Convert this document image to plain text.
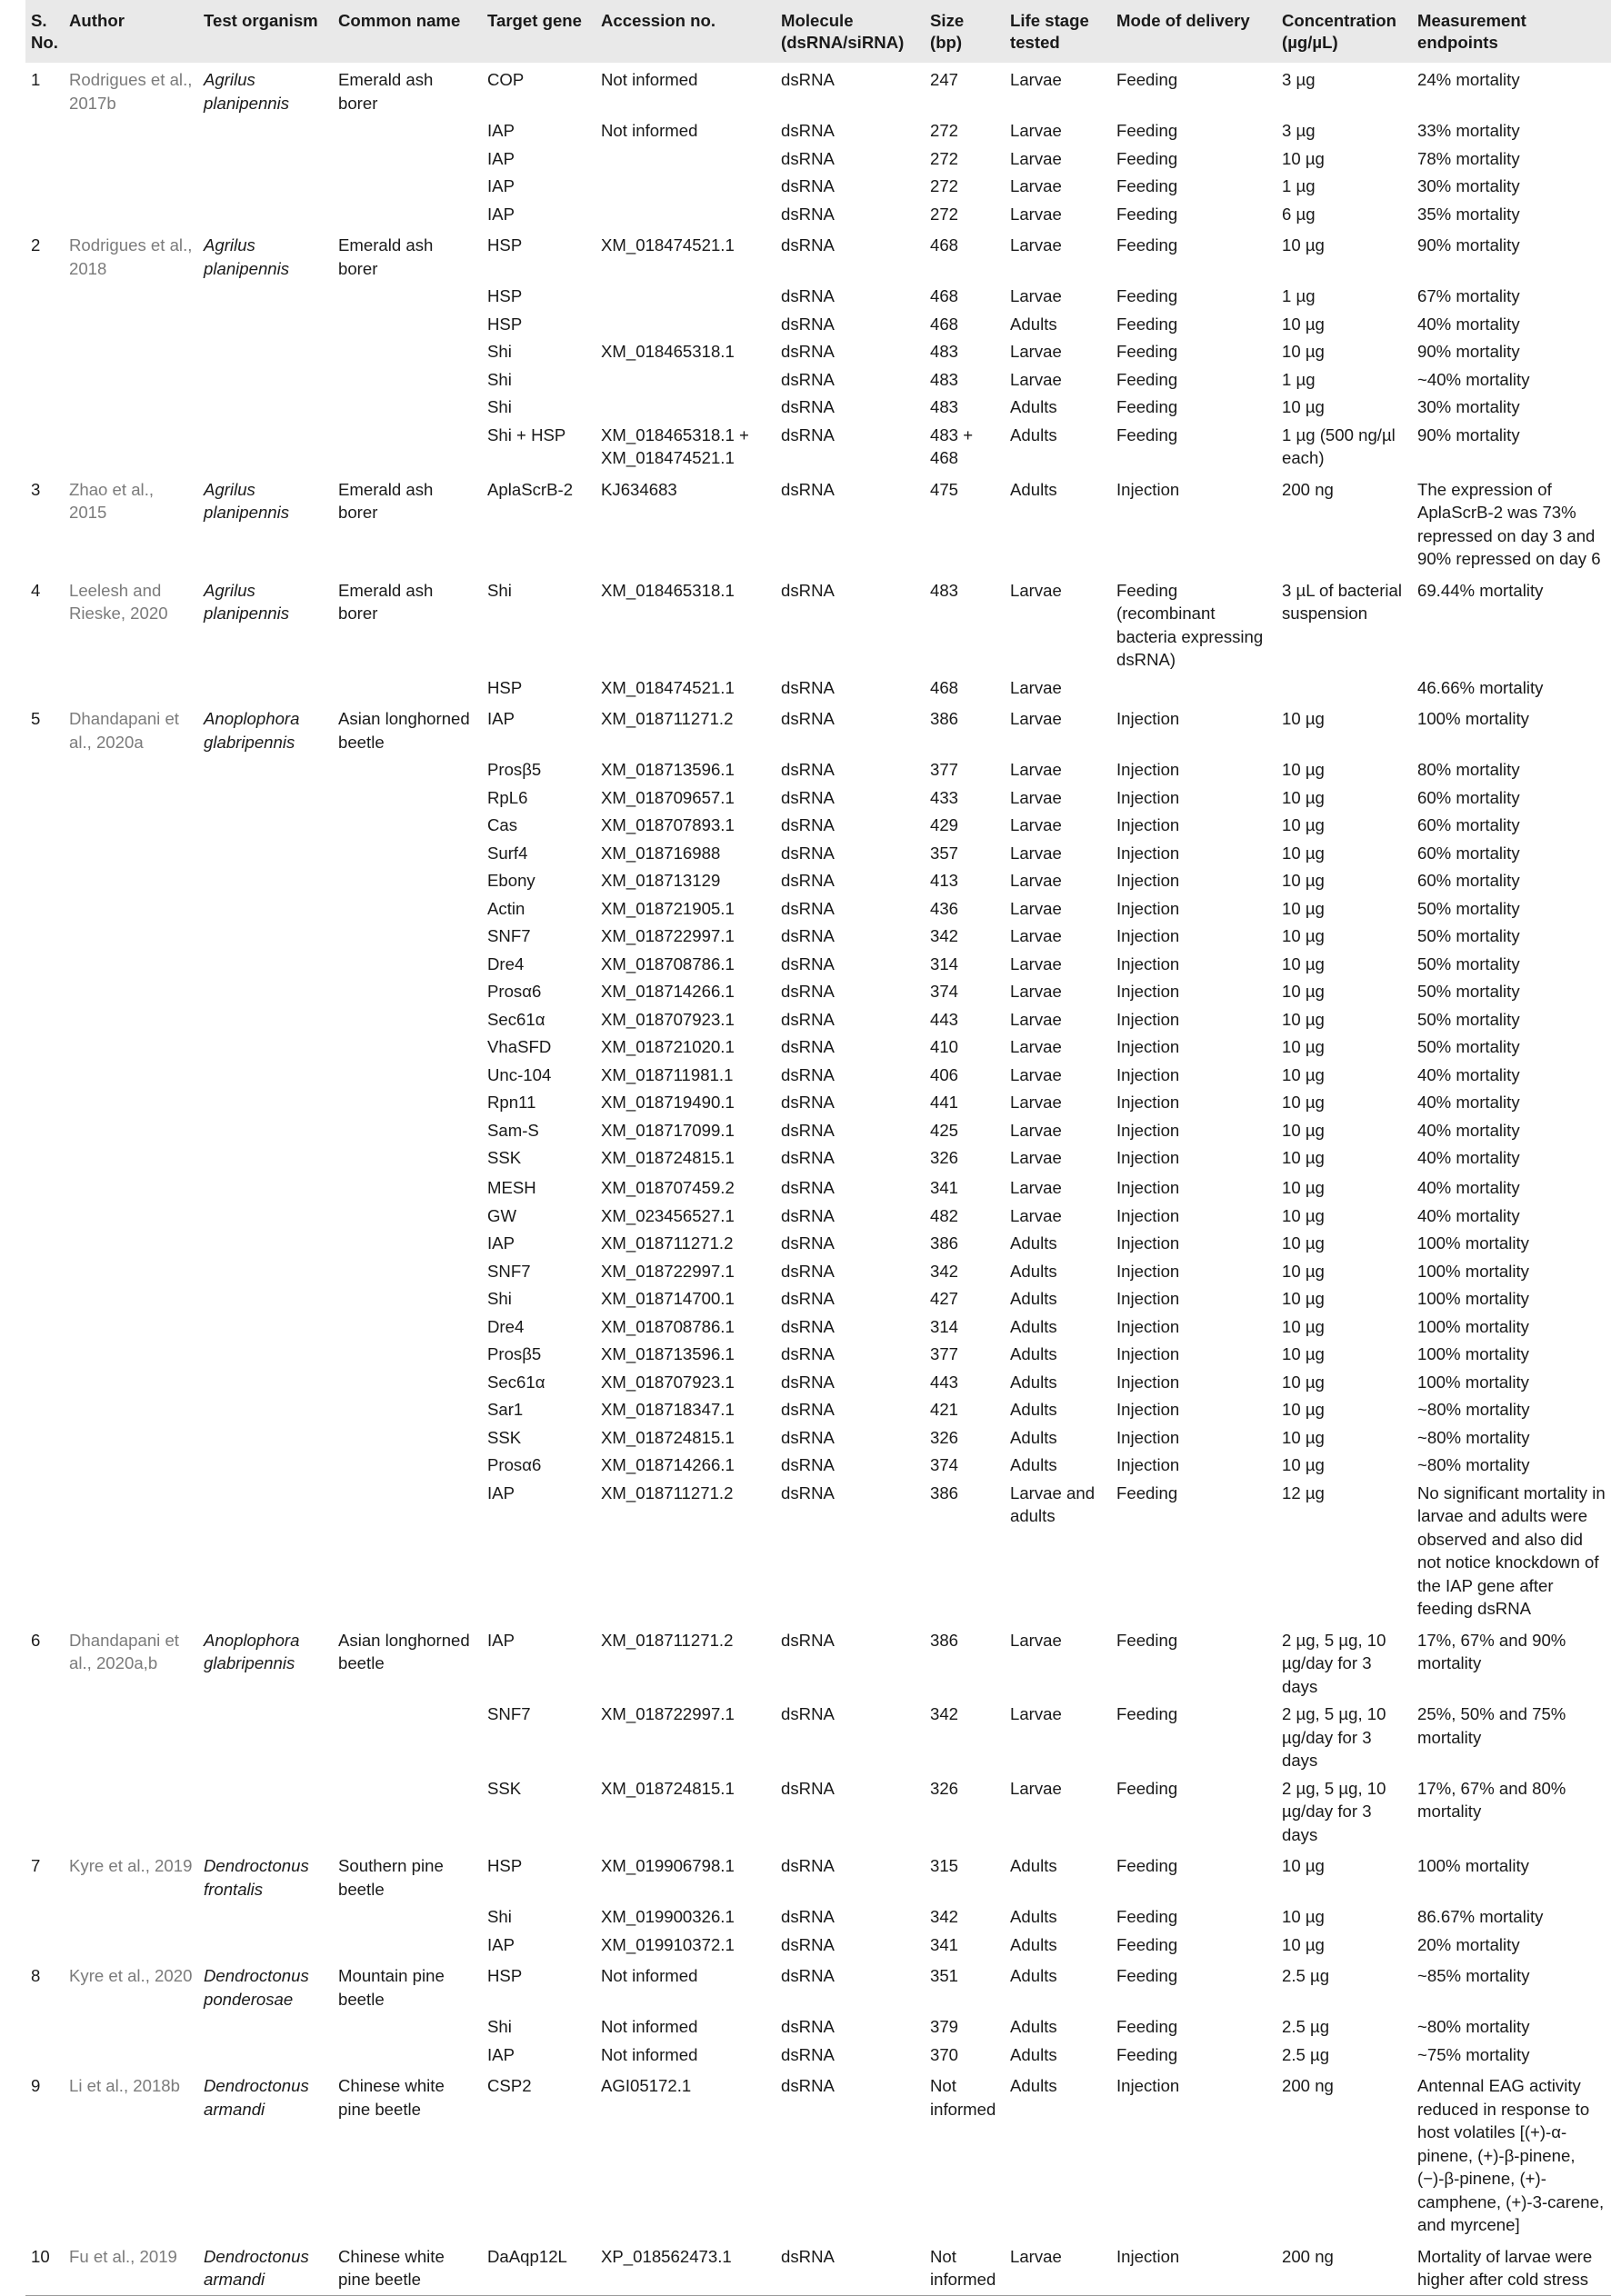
S. No.	Author	Test organism	Common name	Target gene	Accession no.	Molecule (dsRNA/siRNA)	Size (bp)	Life stage tested	Mode of delivery	Concentration (µg/µL)	Measurement endpoints
1	Rodrigues et al., 2017b	Agrilus planipennis	Emerald ash borer	COP	Not informed	dsRNA	247	Larvae	Feeding	3 µg	24% mortality
				IAP	Not informed	dsRNA	272	Larvae	Feeding	3 µg	33% mortality
				IAP		dsRNA	272	Larvae	Feeding	10 µg	78% mortality
				IAP		dsRNA	272	Larvae	Feeding	1 µg	30% mortality
				IAP		dsRNA	272	Larvae	Feeding	6 µg	35% mortality
2	Rodrigues et al., 2018	Agrilus planipennis	Emerald ash borer	HSP	XM_018474521.1	dsRNA	468	Larvae	Feeding	10 µg	90% mortality
				HSP		dsRNA	468	Larvae	Feeding	1 µg	67% mortality
				HSP		dsRNA	468	Adults	Feeding	10 µg	40% mortality
				Shi	XM_018465318.1	dsRNA	483	Larvae	Feeding	10 µg	90% mortality
				Shi		dsRNA	483	Larvae	Feeding	1 µg	~40% mortality
				Shi		dsRNA	483	Adults	Feeding	10 µg	30% mortality
				Shi + HSP	XM_018465318.1 + XM_018474521.1	dsRNA	483 + 468	Adults	Feeding	1 µg (500 ng/µl each)	90% mortality
3	Zhao et al., 2015	Agrilus planipennis	Emerald ash borer	AplaScrB-2	KJ634683	dsRNA	475	Adults	Injection	200 ng	The expression of AplaScrB-2 was 73% repressed on day 3 and 90% repressed on day 6
4	Leelesh and Rieske, 2020	Agrilus planipennis	Emerald ash borer	Shi	XM_018465318.1	dsRNA	483	Larvae	Feeding (recombinant bacteria expressing dsRNA)	3 µL of bacterial suspension	69.44% mortality
				HSP	XM_018474521.1	dsRNA	468	Larvae			46.66% mortality
5	Dhandapani et al., 2020a	Anoplophora glabripennis	Asian longhorned beetle	IAP	XM_018711271.2	dsRNA	386	Larvae	Injection	10 µg	100% mortality
				Prosβ5	XM_018713596.1	dsRNA	377	Larvae	Injection	10 µg	80% mortality
				RpL6	XM_018709657.1	dsRNA	433	Larvae	Injection	10 µg	60% mortality
				Cas	XM_018707893.1	dsRNA	429	Larvae	Injection	10 µg	60% mortality
				Surf4	XM_018716988	dsRNA	357	Larvae	Injection	10 µg	60% mortality
				Ebony	XM_018713129	dsRNA	413	Larvae	Injection	10 µg	60% mortality
				Actin	XM_018721905.1	dsRNA	436	Larvae	Injection	10 µg	50% mortality
				SNF7	XM_018722997.1	dsRNA	342	Larvae	Injection	10 µg	50% mortality
				Dre4	XM_018708786.1	dsRNA	314	Larvae	Injection	10 µg	50% mortality
				Prosα6	XM_018714266.1	dsRNA	374	Larvae	Injection	10 µg	50% mortality
				Sec61α	XM_018707923.1	dsRNA	443	Larvae	Injection	10 µg	50% mortality
				VhaSFD	XM_018721020.1	dsRNA	410	Larvae	Injection	10 µg	50% mortality
				Unc-104	XM_018711981.1	dsRNA	406	Larvae	Injection	10 µg	40% mortality
				Rpn11	XM_018719490.1	dsRNA	441	Larvae	Injection	10 µg	40% mortality
				Sam-S	XM_018717099.1	dsRNA	425	Larvae	Injection	10 µg	40% mortality
				SSK	XM_018724815.1	dsRNA	326	Larvae	Injection	10 µg	40% mortality
				MESH	XM_018707459.2	dsRNA	341	Larvae	Injection	10 µg	40% mortality
				GW	XM_023456527.1	dsRNA	482	Larvae	Injection	10 µg	40% mortality
				IAP	XM_018711271.2	dsRNA	386	Adults	Injection	10 µg	100% mortality
				SNF7	XM_018722997.1	dsRNA	342	Adults	Injection	10 µg	100% mortality
				Shi	XM_018714700.1	dsRNA	427	Adults	Injection	10 µg	100% mortality
				Dre4	XM_018708786.1	dsRNA	314	Adults	Injection	10 µg	100% mortality
				Prosβ5	XM_018713596.1	dsRNA	377	Adults	Injection	10 µg	100% mortality
				Sec61α	XM_018707923.1	dsRNA	443	Adults	Injection	10 µg	100% mortality
				Sar1	XM_018718347.1	dsRNA	421	Adults	Injection	10 µg	~80% mortality
				SSK	XM_018724815.1	dsRNA	326	Adults	Injection	10 µg	~80% mortality
				Prosα6	XM_018714266.1	dsRNA	374	Adults	Injection	10 µg	~80% mortality
				IAP	XM_018711271.2	dsRNA	386	Larvae and adults	Feeding	12 µg	No significant mortality in larvae and adults were observed and also did not notice knockdown of the IAP gene after feeding dsRNA
6	Dhandapani et al., 2020a,b	Anoplophora glabripennis	Asian longhorned beetle	IAP	XM_018711271.2	dsRNA	386	Larvae	Feeding	2 µg, 5 µg, 10 µg/day for 3 days	17%, 67% and 90% mortality
				SNF7	XM_018722997.1	dsRNA	342	Larvae	Feeding	2 µg, 5 µg, 10 µg/day for 3 days	25%, 50% and 75% mortality
				SSK	XM_018724815.1	dsRNA	326	Larvae	Feeding	2 µg, 5 µg, 10 µg/day for 3 days	17%, 67% and 80% mortality
7	Kyre et al., 2019	Dendroctonus frontalis	Southern pine beetle	HSP	XM_019906798.1	dsRNA	315	Adults	Feeding	10 µg	100% mortality
				Shi	XM_019900326.1	dsRNA	342	Adults	Feeding	10 µg	86.67% mortality
				IAP	XM_019910372.1	dsRNA	341	Adults	Feeding	10 µg	20% mortality
8	Kyre et al., 2020	Dendroctonus ponderosae	Mountain pine beetle	HSP	Not informed	dsRNA	351	Adults	Feeding	2.5 µg	~85% mortality
				Shi	Not informed	dsRNA	379	Adults	Feeding	2.5 µg	~80% mortality
				IAP	Not informed	dsRNA	370	Adults	Feeding	2.5 µg	~75% mortality
9	Li et al., 2018b	Dendroctonus armandi	Chinese white pine beetle	CSP2	AGI05172.1	dsRNA	Not informed	Adults	Injection	200 ng	Antennal EAG activity reduced in response to host volatiles [(+)-α-pinene, (+)-β-pinene, (−)-β-pinene, (+)-camphene, (+)-3-carene, and myrcene]
10	Fu et al., 2019	Dendroctonus armandi	Chinese white pine beetle	DaAqp12L	XP_018562473.1	dsRNA	Not informed	Larvae	Injection	200 ng	Mortality of larvae were higher after cold stress
